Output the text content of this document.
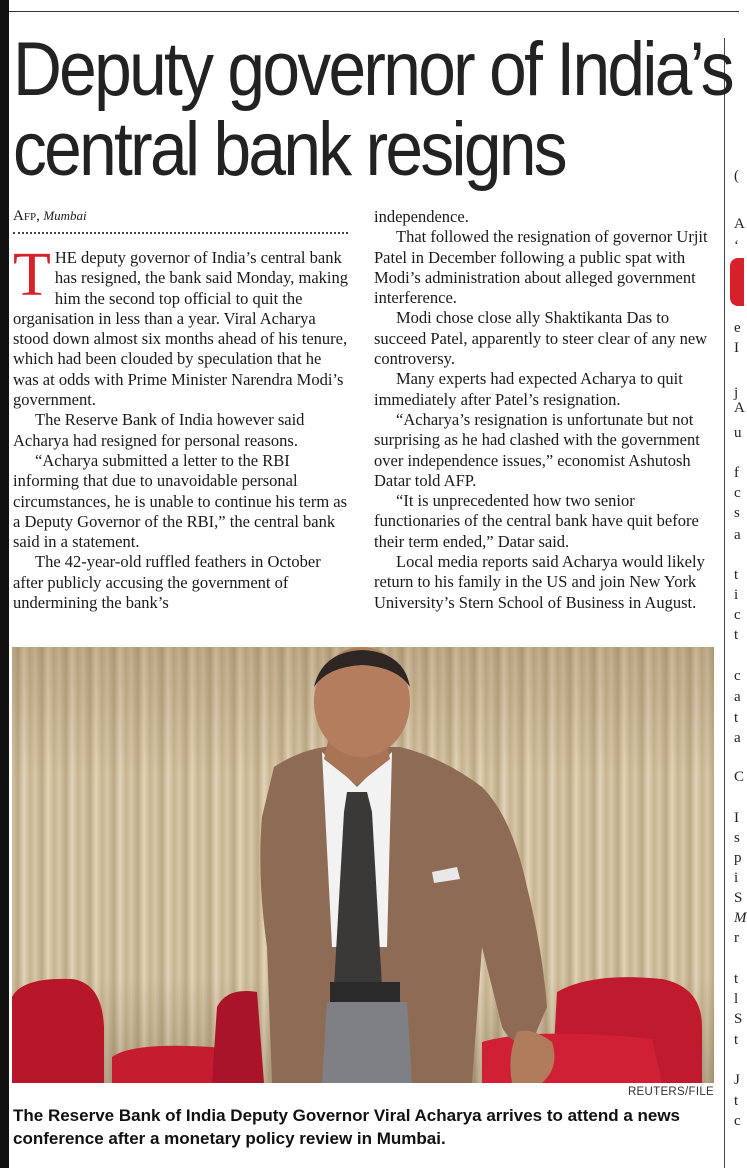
Deputy governor of India’s
central bank resigns
Afp, Mumbai

THE deputy governor of India’s central bank has resigned, the bank said Monday, making him the second top official to quit the organisation in less than a year. Viral Acharya stood down almost six months ahead of his tenure, which had been clouded by speculation that he was at odds with Prime Minister Narendra Modi’s government.

The Reserve Bank of India however said Acharya had resigned for personal reasons.

“Acharya submitted a letter to the RBI informing that due to unavoidable personal circumstances, he is unable to continue his term as a Deputy Governor of the RBI,” the central bank said in a statement.

The 42-year-old ruffled feathers in October after publicly accusing the government of undermining the bank’s

independence.

That followed the resignation of governor Urjit Patel in December following a public spat with Modi’s administration about alleged government interference.

Modi chose close ally Shaktikanta Das to succeed Patel, apparently to steer clear of any new controversy.

Many experts had expected Acharya to quit immediately after Patel’s resignation.

“Acharya’s resignation is unfortunate but not surprising as he had clashed with the government over independence issues,” economist Ashutosh Datar told AFP.

“It is unprecedented how two senior functionaries of the central bank have quit before their term ended,” Datar said.

Local media reports said Acharya would likely return to his family in the US and join New York University’s Stern School of Business in August.

REUTERS/FILE
The Reserve Bank of India Deputy Governor Viral Acharya arrives to attend a news conference after a monetary policy review in Mumbai.
(
A
‘
e
I
j
A
u
f
c
s
a
t
i
c
t
c
a
t
a
C
I
s
p
i
S
M
r
t
l
S
t
J
t
c
